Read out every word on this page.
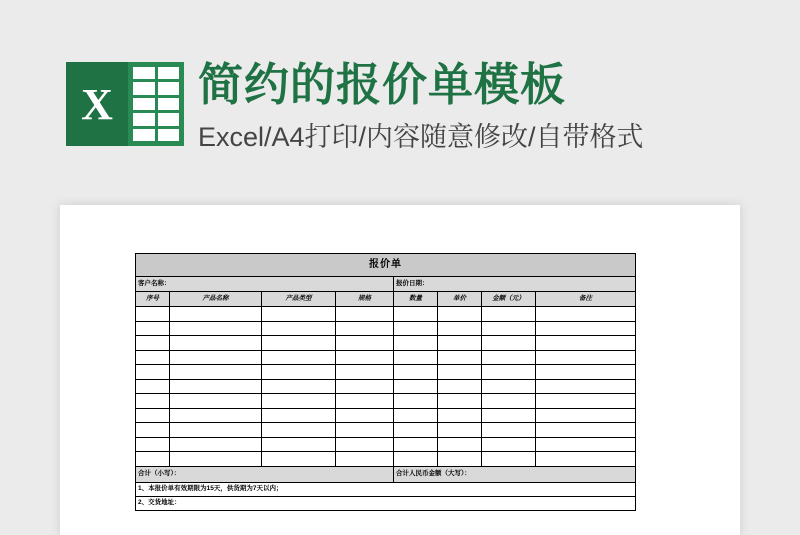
X	简约的报价单模板
Excel/A4打印/内容随意修改/自带格式
报价单							
客户名称：				报价日期：			
序号	产品名称	产品类型	规格	数量	单价	金额（元）	备注

合计（小写）：				合计人民币金额（大写）：			
1、本报价单有效期限为15天，供货期为7天以内；							
2、交货地址：							
